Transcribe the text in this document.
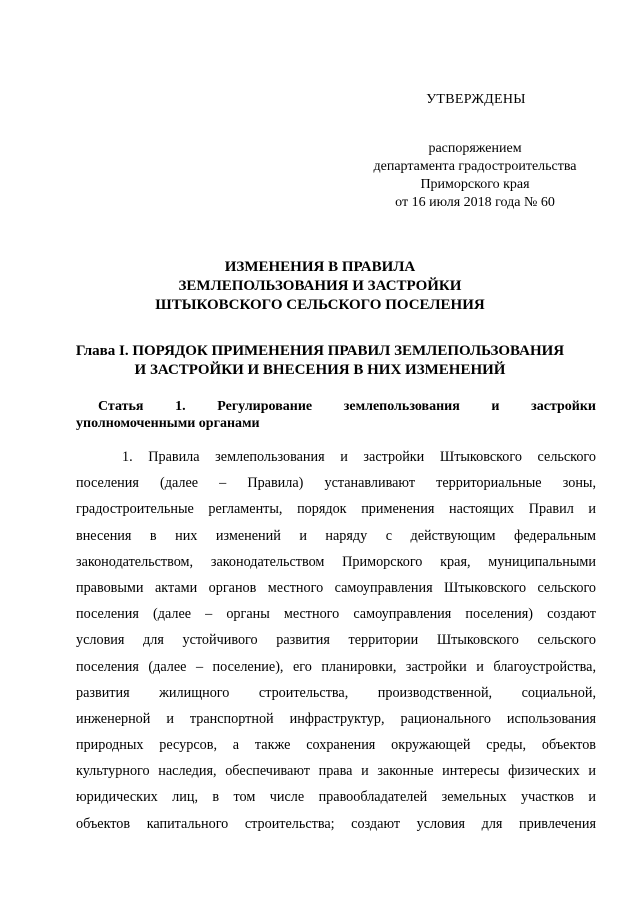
УТВЕРЖДЕНЫ
распоряжением
департамента градостроительства
Приморского края
от 16 июля 2018 года № 60
ИЗМЕНЕНИЯ В ПРАВИЛА
ЗЕМЛЕПОЛЬЗОВАНИЯ И ЗАСТРОЙКИ
ШТЫКОВСКОГО СЕЛЬСКОГО ПОСЕЛЕНИЯ
Глава I. ПОРЯДОК ПРИМЕНЕНИЯ ПРАВИЛ ЗЕМЛЕПОЛЬЗОВАНИЯ
И ЗАСТРОЙКИ И ВНЕСЕНИЯ В НИХ ИЗМЕНЕНИЙ
Статья 1. Регулирование землепользования и застройки
уполномоченными органами
1. Правила землепользования и застройки Штыковского сельского
поселения (далее – Правила) устанавливают территориальные зоны,
градостроительные регламенты, порядок применения настоящих Правил и
внесения в них изменений и наряду с действующим федеральным
законодательством, законодательством Приморского края, муниципальными
правовыми актами органов местного самоуправления Штыковского сельского
поселения (далее – органы местного самоуправления поселения) создают
условия для устойчивого развития территории Штыковского сельского
поселения (далее – поселение), его планировки, застройки и благоустройства,
развития жилищного строительства, производственной, социальной,
инженерной и транспортной инфраструктур, рационального использования
природных ресурсов, а также сохранения окружающей среды, объектов
культурного наследия, обеспечивают права и законные интересы физических и
юридических лиц, в том числе правообладателей земельных участков и
объектов капитального строительства; создают условия для привлечения
